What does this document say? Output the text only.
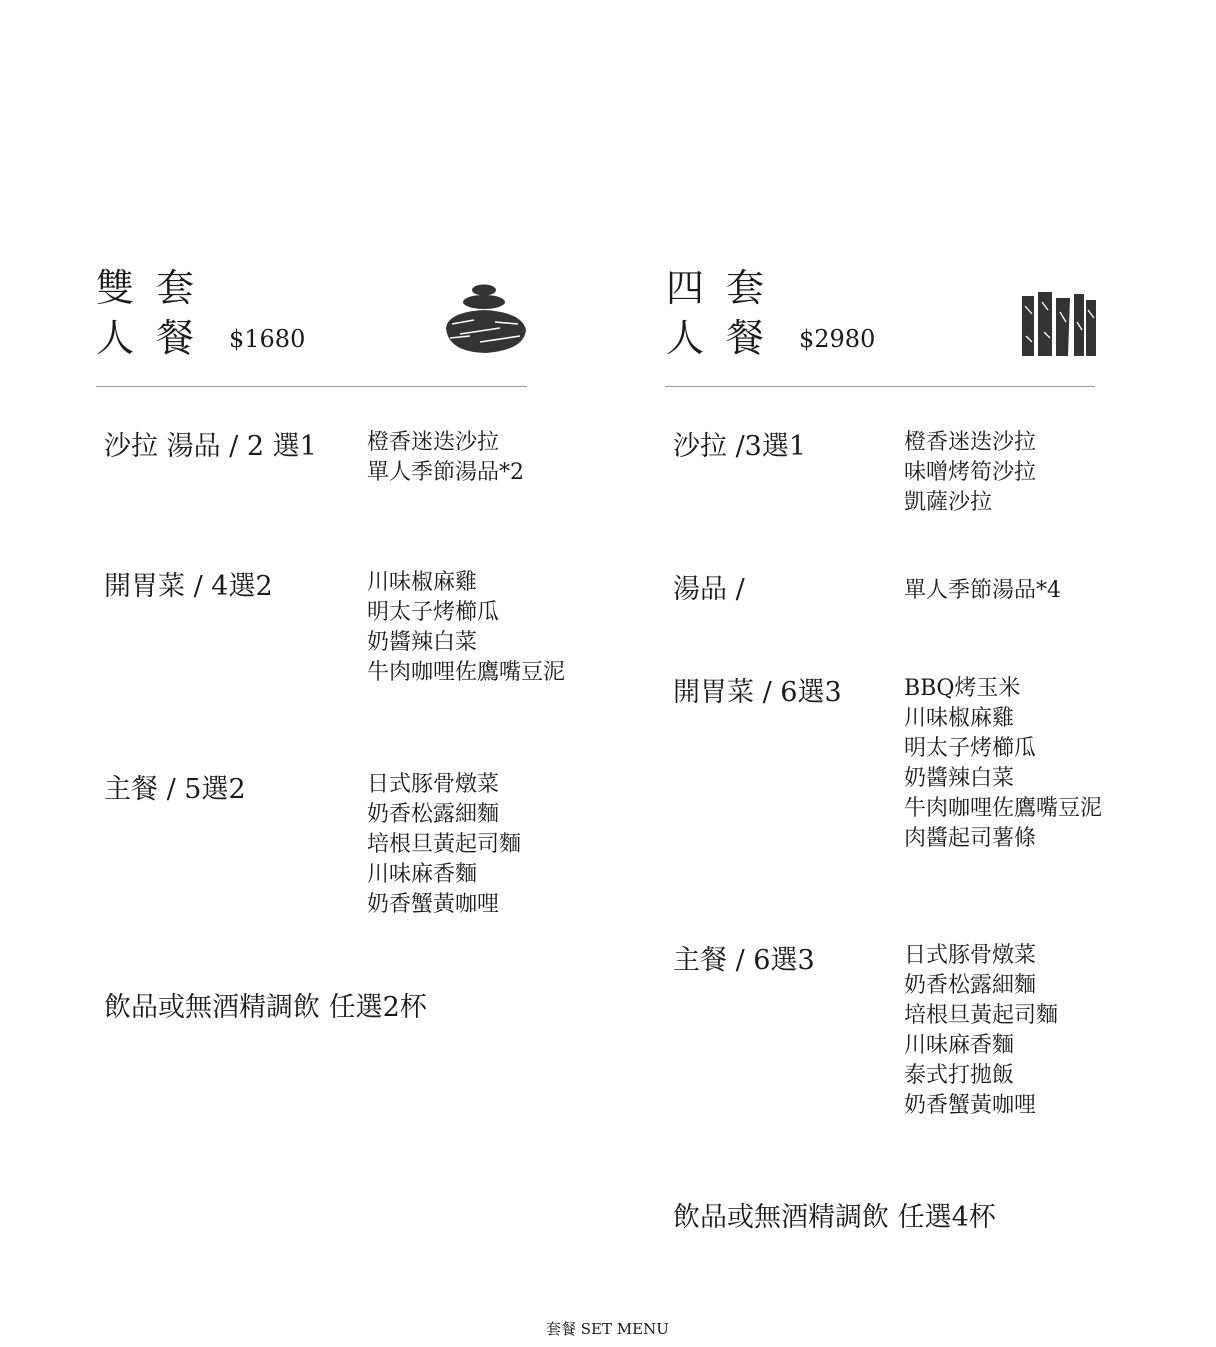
雙套
人餐 $1680
沙拉 湯品 / 2 選1 橙香迷迭沙拉
單人季節湯品*2
開胃菜 / 4選2	川味椒麻雞
明太子烤櫛瓜
奶醬辣白菜
牛肉咖哩佐鷹嘴豆泥
主餐 / 5選2	日式豚骨燉菜
奶香松露細麵
培根旦黃起司麵
川味麻香麵
奶香蟹黃咖哩
飲品或無酒精調飲 任選2杯
四套
人餐 $2980
沙拉 /3選1	橙香迷迭沙拉
味噌烤筍沙拉
凱薩沙拉
湯品 /	單人季節湯品*4
開胃菜 / 6選3	BBQ烤玉米
川味椒麻雞
明太子烤櫛瓜
奶醬辣白菜
牛肉咖哩佐鷹嘴豆泥
肉醬起司薯條
主餐 / 6選3	日式豚骨燉菜
奶香松露細麵
培根旦黃起司麵
川味麻香麵
泰式打拋飯
奶香蟹黃咖哩
飲品或無酒精調飲 任選4杯
套餐 SET MENU
